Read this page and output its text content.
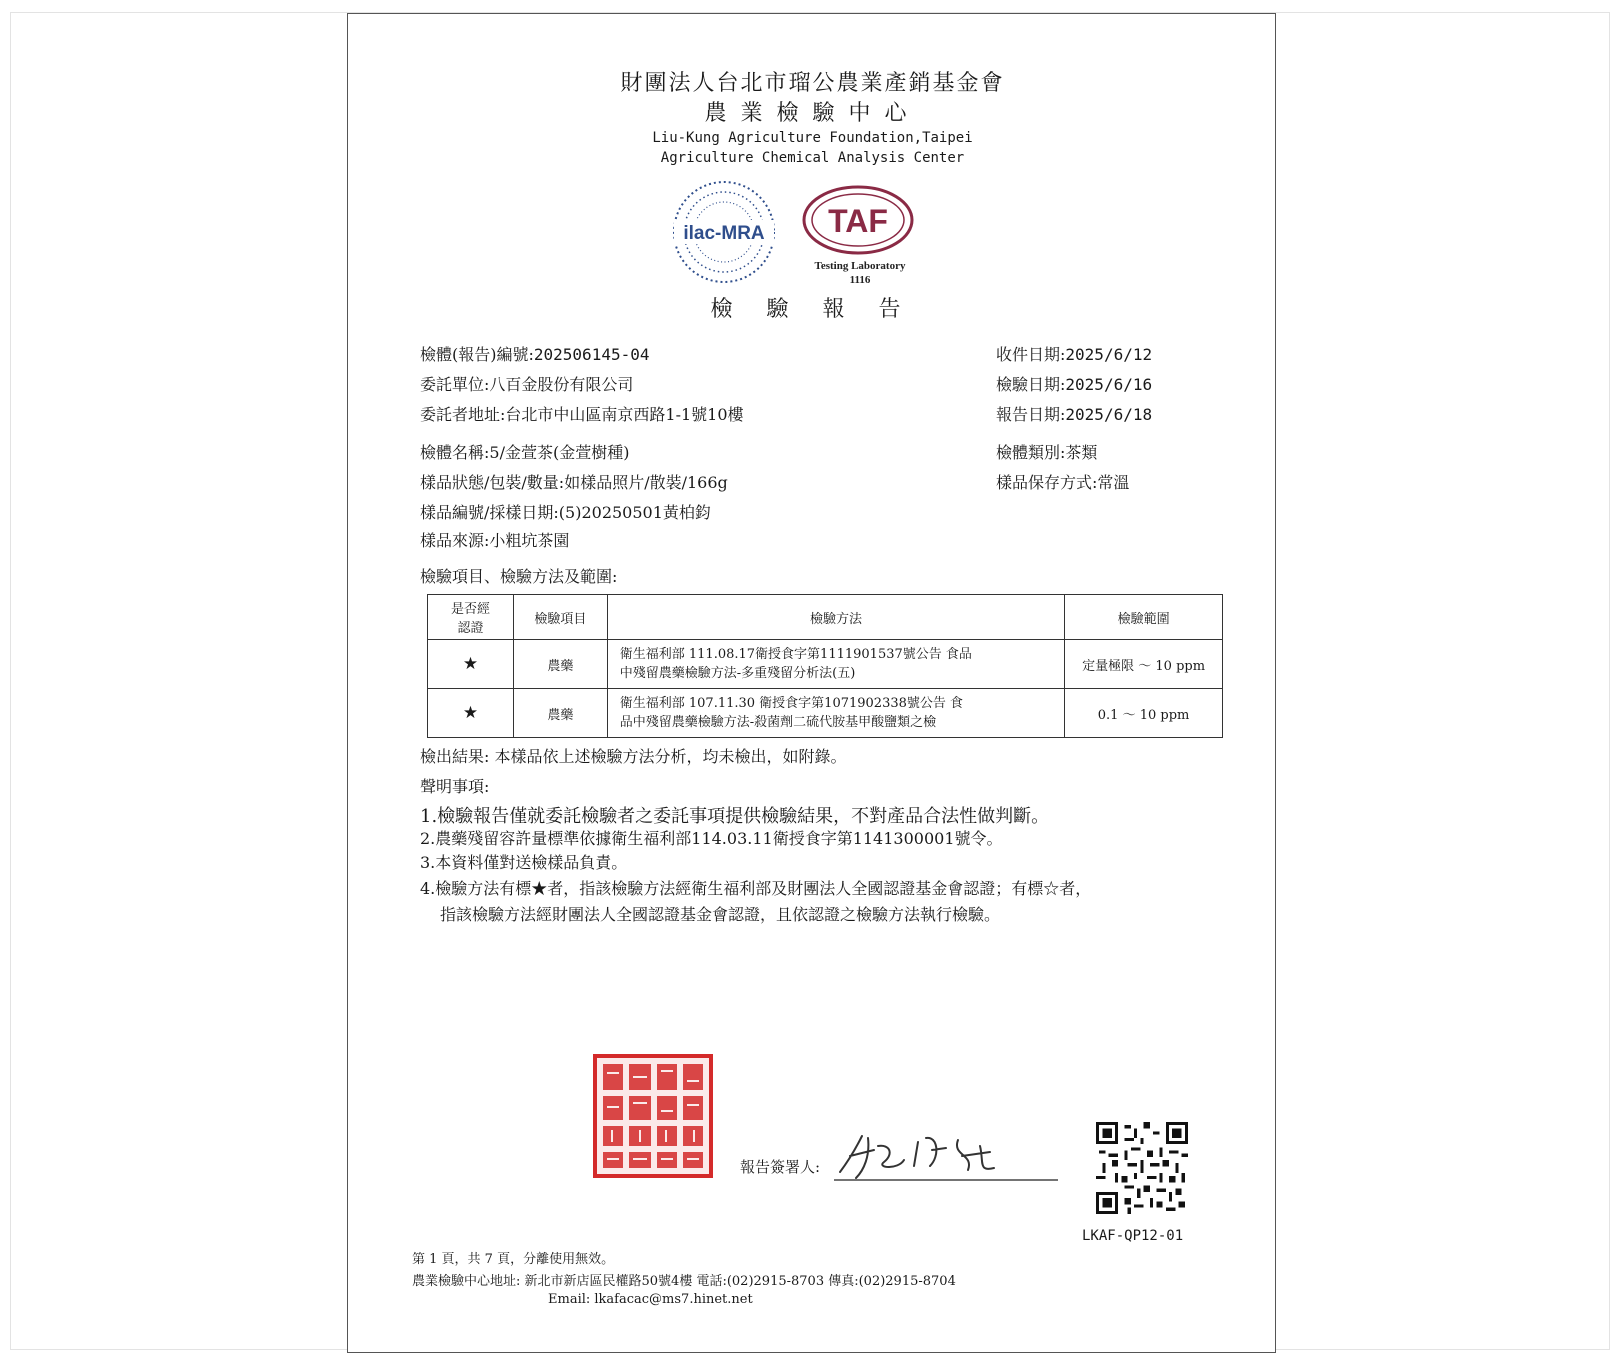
財團法人台北市瑠公農業產銷基金會
農業檢驗中心
Liu-Kung Agriculture Foundation,Taipei
Agriculture Chemical Analysis Center
ilac-MRA TAF
Testing Laboratory
1116
檢驗報告
檢體(報告)編號:202506145-04
委託單位:八百金股份有限公司
委託者地址:台北市中山區南京西路1-1號10樓
檢體名稱:5/金萱茶(金萱樹種)
樣品狀態/包裝/數量:如樣品照片/散裝/166g
樣品編號/採樣日期:(5)20250501黃柏鈞
樣品來源:小粗坑茶園
收件日期:2025/6/12
檢驗日期:2025/6/16
報告日期:2025/6/18
檢體類別:茶類
樣品保存方式:常溫
檢驗項目、檢驗方法及範圍:
是否經
認證	檢驗項目	檢驗方法	檢驗範圍
★	農藥	衛生福利部 111.08.17衛授食字第1111901537號公告 食品
中殘留農藥檢驗方法-多重殘留分析法(五)	定量極限 ～ 10 ppm
★	農藥	衛生福利部 107.11.30 衛授食字第1071902338號公告 食
品中殘留農藥檢驗方法-殺菌劑二硫代胺基甲酸鹽類之檢	0.1 ～ 10 ppm
檢出結果: 本樣品依上述檢驗方法分析，均未檢出，如附錄。
聲明事項:
1.檢驗報告僅就委託檢驗者之委託事項提供檢驗結果，不對產品合法性做判斷。
2.農藥殘留容許量標準依據衛生福利部114.03.11衛授食字第1141300001號令。
3.本資料僅對送檢樣品負責。
4.檢驗方法有標★者，指該檢驗方法經衛生福利部及財團法人全國認證基金會認證；有標☆者，
指該檢驗方法經財團法人全國認證基金會認證，且依認證之檢驗方法執行檢驗。
報告簽署人:
LKAF-QP12-01
第 1 頁，共 7 頁，分離使用無效。
農業檢驗中心地址: 新北市新店區民權路50號4樓 電話:(02)2915-8703 傳真:(02)2915-8704
Email: lkafacac@ms7.hinet.net
